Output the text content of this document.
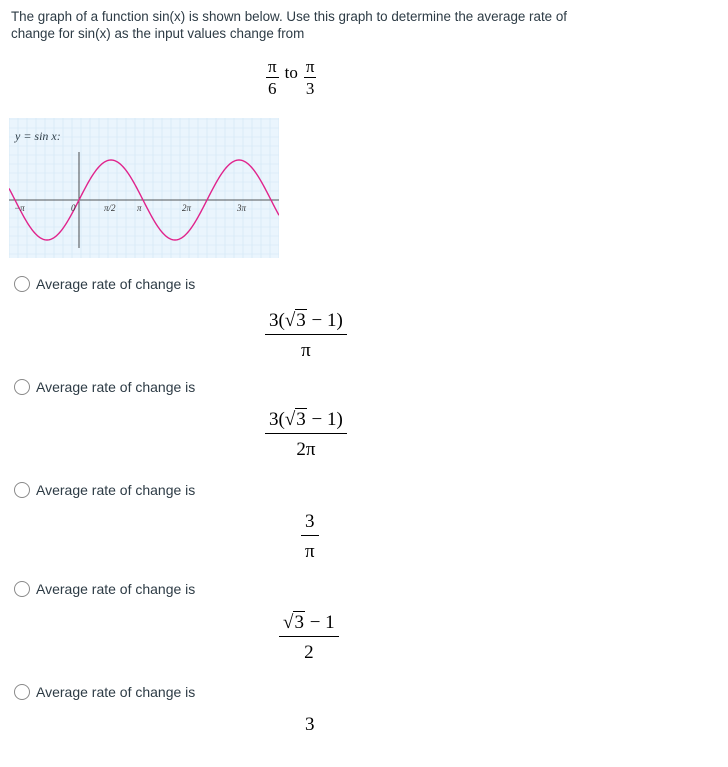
The graph of a function sin(x) is shown below. Use this graph to determine the average rate of change for sin(x) as the input values change from
$\frac{\pi}{6}$ to $\frac{\pi}{3}$
y = sin x:
−π	0	π/2 π	2π	3π
Average rate of change is
$\frac{3(√3 - 1)}{\pi}$
Average rate of change is
$\frac{3(√3 - 1)}{2\pi}$
Average rate of change is
$\frac{3}{\pi}$
Average rate of change is
$\frac{√3 - 1}{2}$
Average rate of change is
3
